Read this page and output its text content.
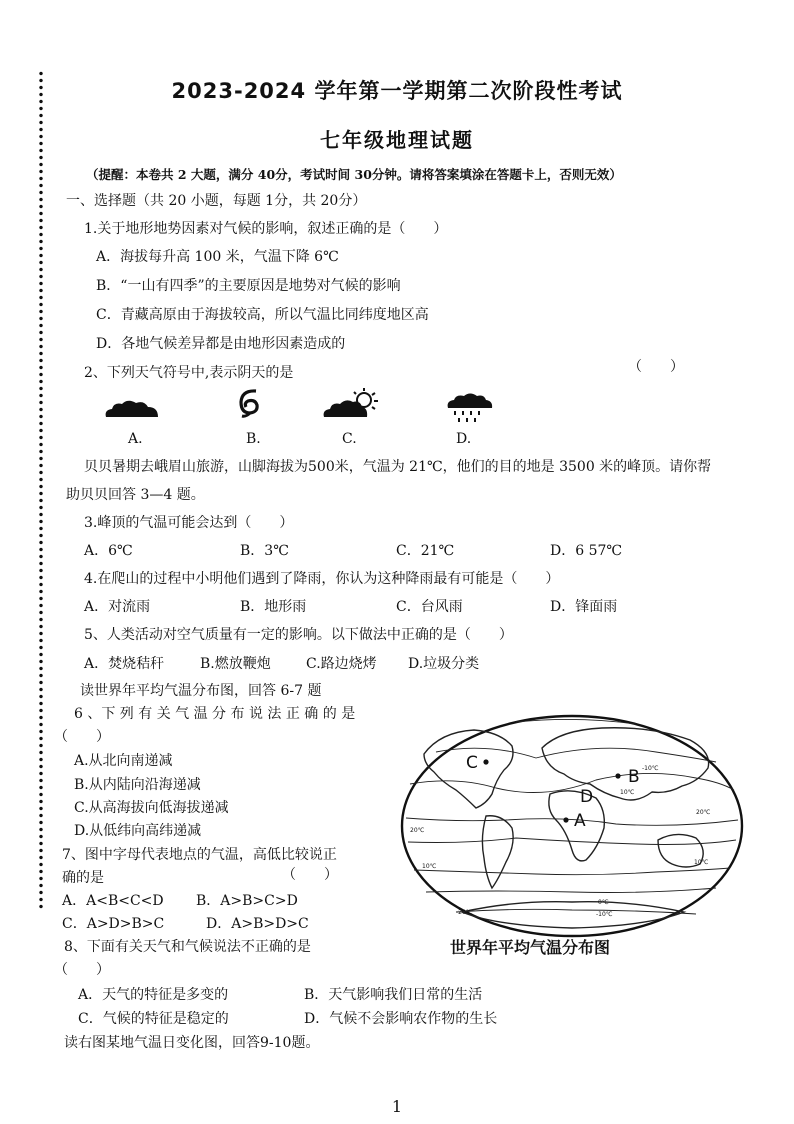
2023-2024 学年第一学期第二次阶段性考试
七年级地理试题
（提醒：本卷共 2 大题，满分 40分，考试时间 30分钟。请将答案填涂在答题卡上，否则无效）
一、选择题（共 20 小题，每题 1分，共 20分）
1.关于地形地势因素对气候的影响，叙述正确的是（　　）
A．海拔每升高 100 米，气温下降 6℃
B．“一山有四季”的主要原因是地势对气候的影响
C．青藏高原由于海拔较高，所以气温比同纬度地区高
D．各地气候差异都是由地形因素造成的
2、下列天气符号中,表示阴天的是	（　　）
A.	B.	C.	D.
贝贝暑期去峨眉山旅游，山脚海拔为500米，气温为 21℃，他们的目的地是 3500 米的峰顶。请你帮
助贝贝回答 3—4 题。
3.峰顶的气温可能会达到（　　）
A．6℃	B．3℃	C．21℃	D．6 57℃
4.在爬山的过程中小明他们遇到了降雨，你认为这种降雨最有可能是（　　）
A．对流雨	B．地形雨	C．台风雨	D．锋面雨
5、人类活动对空气质量有一定的影响。以下做法中正确的是（　　）
A．焚烧秸秆	B.燃放鞭炮	C.路边烧烤 D.垃圾分类
读世界年平均气温分布图，回答 6-7 题
6 、下 列 有 关 气 温 分 布 说 法 正 确 的 是
（　　）
A.从北向南递减
B.从内陆向沿海递减
C.从高海拔向低海拔递减
D.从低纬向高纬递减
7、图中字母代表地点的气温，高低比较说正
确的是	（　　）
A．A<B<C<D B．A>B>C>D
C．A>D>B>C	D．A>B>D>C
-10℃
10℃
20℃
20℃
10℃
10℃
0℃
-10℃
-20℃
C
B
D
A
世界年平均气温分布图
8、下面有关天气和气候说法不正确的是
（　　）
A．天气的特征是多变的	B．天气影响我们日常的生活
C．气候的特征是稳定的	D．气候不会影响农作物的生长
读右图某地气温日变化图，回答9-10题。
1
